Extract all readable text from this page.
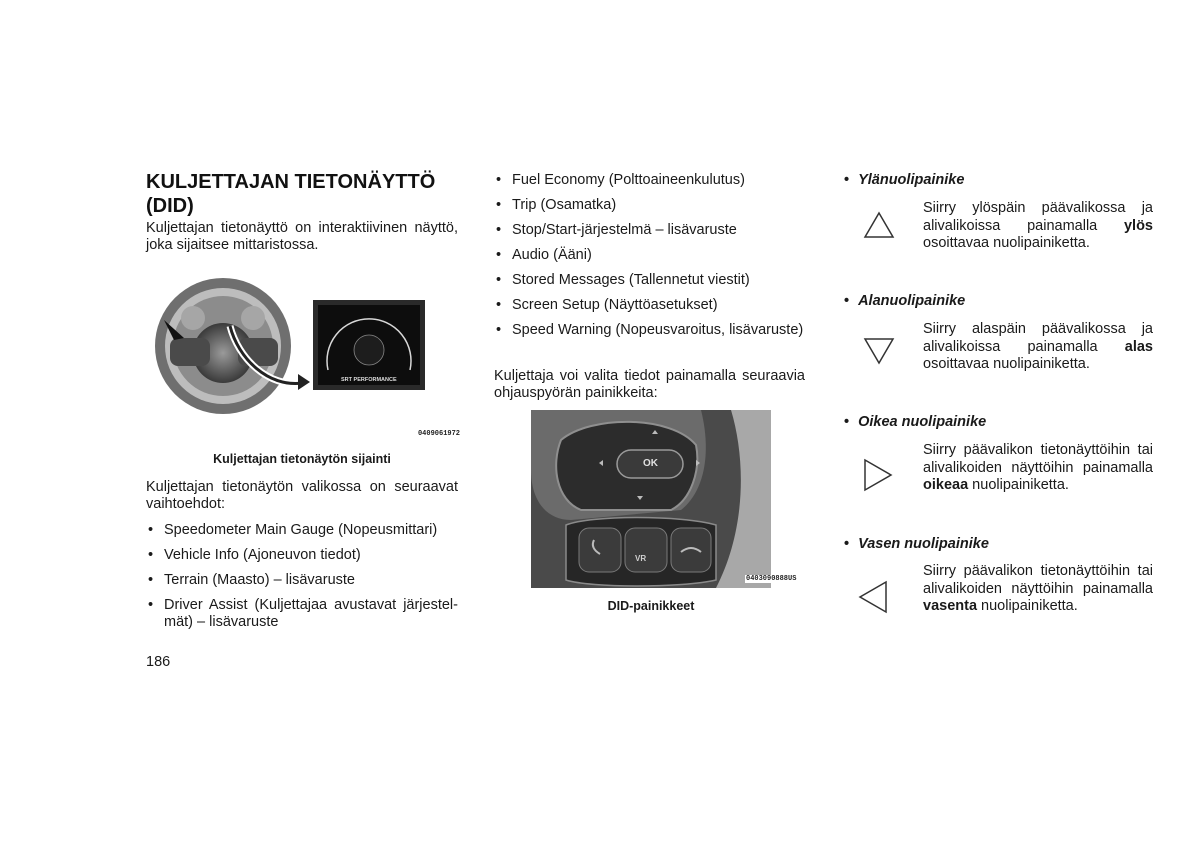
KULJETTAJAN TIETONÄYTTÖ
(DID)
Kuljettajan tietonäyttö on interaktiivinen näyttö, joka sijaitsee mittaristossa.
SRT PERFORMANCE
0409061972
Kuljettajan tietonäytön sijainti
Kuljettajan tietonäytön valikossa on seuraavat vaihtoehdot:
• Speedometer Main Gauge (Nopeusmittari)
• Vehicle Info (Ajoneuvon tiedot)
• Terrain (Maasto) – lisävaruste
• Driver Assist (Kuljettajaa avustavat järjestel-mät) – lisävaruste
186
• Fuel Economy (Polttoaineenkulutus)
• Trip (Osamatka)
• Stop/Start-järjestelmä – lisävaruste
• Audio (Ääni)
• Stored Messages (Tallennetut viestit)
• Screen Setup (Näyttöasetukset)
• Speed Warning (Nopeusvaroitus, lisävaruste)
Kuljettaja voi valita tiedot painamalla seuraavia ohjauspyörän painikkeita:
OK
VR
0403090888US
DID-painikkeet
• Ylänuolipainike
Siirry ylöspäin päävalikossa ja alivalikoissa painamalla ylös osoittavaa nuolipainiketta.
• Alanuolipainike
Siirry alaspäin päävalikossa ja alivalikoissa painamalla alas osoittavaa nuolipainiketta.
• Oikea nuolipainike
Siirry päävalikon tietonäyttöihin tai alivalikoiden näyttöihin painamalla oikeaa nuolipainiketta.
• Vasen nuolipainike
Siirry päävalikon tietonäyttöihin tai alivalikoiden näyttöihin painamalla vasenta nuolipainiketta.
